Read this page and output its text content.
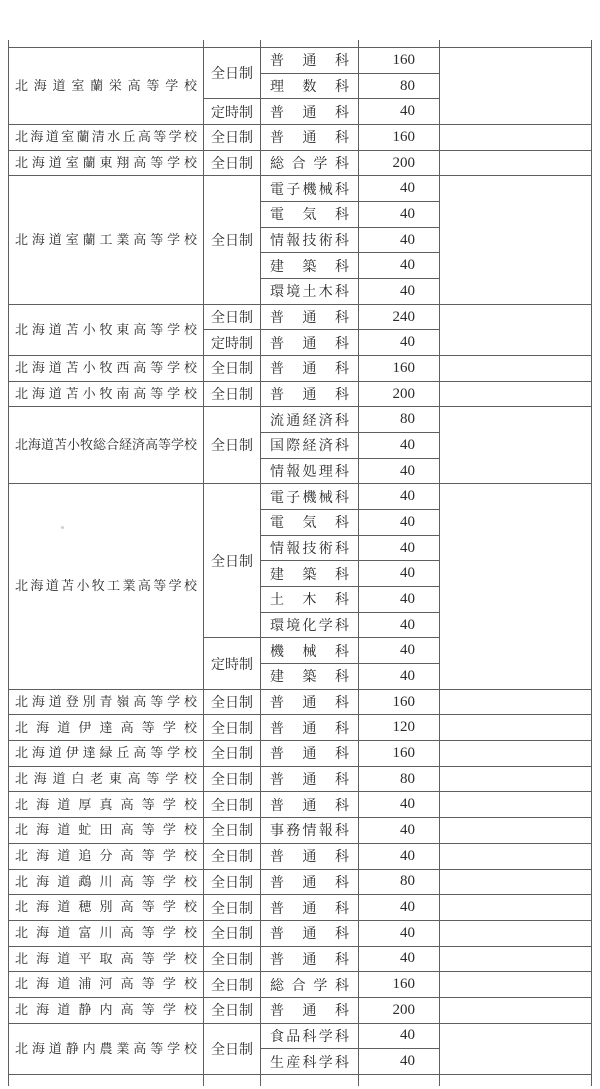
北海道室蘭栄高等学校	全日制	普通科	160	
		理数科	80	
	定時制	普通科	40	
北海道室蘭清水丘高等学校	全日制	普通科	160	
北海道室蘭東翔高等学校	全日制	総合学科	200	
北海道室蘭工業高等学校	全日制	電子機械科	40	
		電気科	40	
		情報技術科	40	
		建築科	40	
		環境土木科	40	
北海道苫小牧東高等学校	全日制	普通科	240	
	定時制	普通科	40	
北海道苫小牧西高等学校	全日制	普通科	160	
北海道苫小牧南高等学校	全日制	普通科	200	
北海道苫小牧総合経済高等学校	全日制	流通経済科	80	
		国際経済科	40	
		情報処理科	40	
北海道苫小牧工業高等学校	全日制	電子機械科	40	
		電気科	40	
		情報技術科	40	
		建築科	40	
		土木科	40	
		環境化学科	40	
	定時制	機械科	40	
		建築科	40	
北海道登別青嶺高等学校	全日制	普通科	160	
北海道伊達高等学校	全日制	普通科	120	
北海道伊達緑丘高等学校	全日制	普通科	160	
北海道白老東高等学校	全日制	普通科	80	
北海道厚真高等学校	全日制	普通科	40	
北海道虻田高等学校	全日制	事務情報科	40	
北海道追分高等学校	全日制	普通科	40	
北海道鵡川高等学校	全日制	普通科	80	
北海道穂別高等学校	全日制	普通科	40	
北海道富川高等学校	全日制	普通科	40	
北海道平取高等学校	全日制	普通科	40	
北海道浦河高等学校	全日制	総合学科	160	
北海道静内高等学校	全日制	普通科	200	
北海道静内農業高等学校	全日制	食品科学科	40	
		生産科学科	40	
